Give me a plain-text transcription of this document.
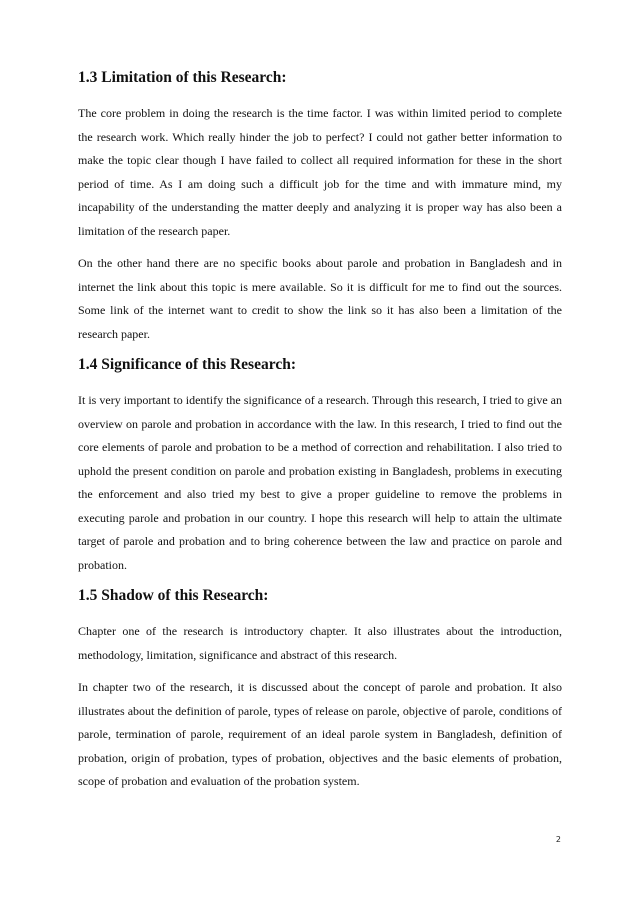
1.3 Limitation of this Research:

The core problem in doing the research is the time factor. I was within limited period to complete the research work. Which really hinder the job to perfect? I could not gather better information to make the topic clear though I have failed to collect all required information for these in the short period of time. As I am doing such a difficult job for the time and with immature mind, my incapability of the understanding the matter deeply and analyzing it is proper way has also been a limitation of the research paper.

On the other hand there are no specific books about parole and probation in Bangladesh and in internet the link about this topic is mere available. So it is difficult for me to find out the sources. Some link of the internet want to credit to show the link so it has also been a limitation of the research paper.

1.4 Significance of this Research:

It is very important to identify the significance of a research. Through this research, I tried to give an overview on parole and probation in accordance with the law. In this research, I tried to find out the core elements of parole and probation to be a method of correction and rehabilitation. I also tried to uphold the present condition on parole and probation existing in Bangladesh, problems in executing the enforcement and also tried my best to give a proper guideline to remove the problems in executing parole and probation in our country. I hope this research will help to attain the ultimate target of parole and probation and to bring coherence between the law and practice on parole and probation.

1.5 Shadow of this Research:

Chapter one of the research is introductory chapter. It also illustrates about the introduction, methodology, limitation, significance and abstract of this research.

In chapter two of the research, it is discussed about the concept of parole and probation. It also illustrates about the definition of parole, types of release on parole, objective of parole, conditions of parole, termination of parole, requirement of an ideal parole system in Bangladesh, definition of probation, origin of probation, types of probation, objectives and the basic elements of probation, scope of probation and evaluation of the probation system.

2
